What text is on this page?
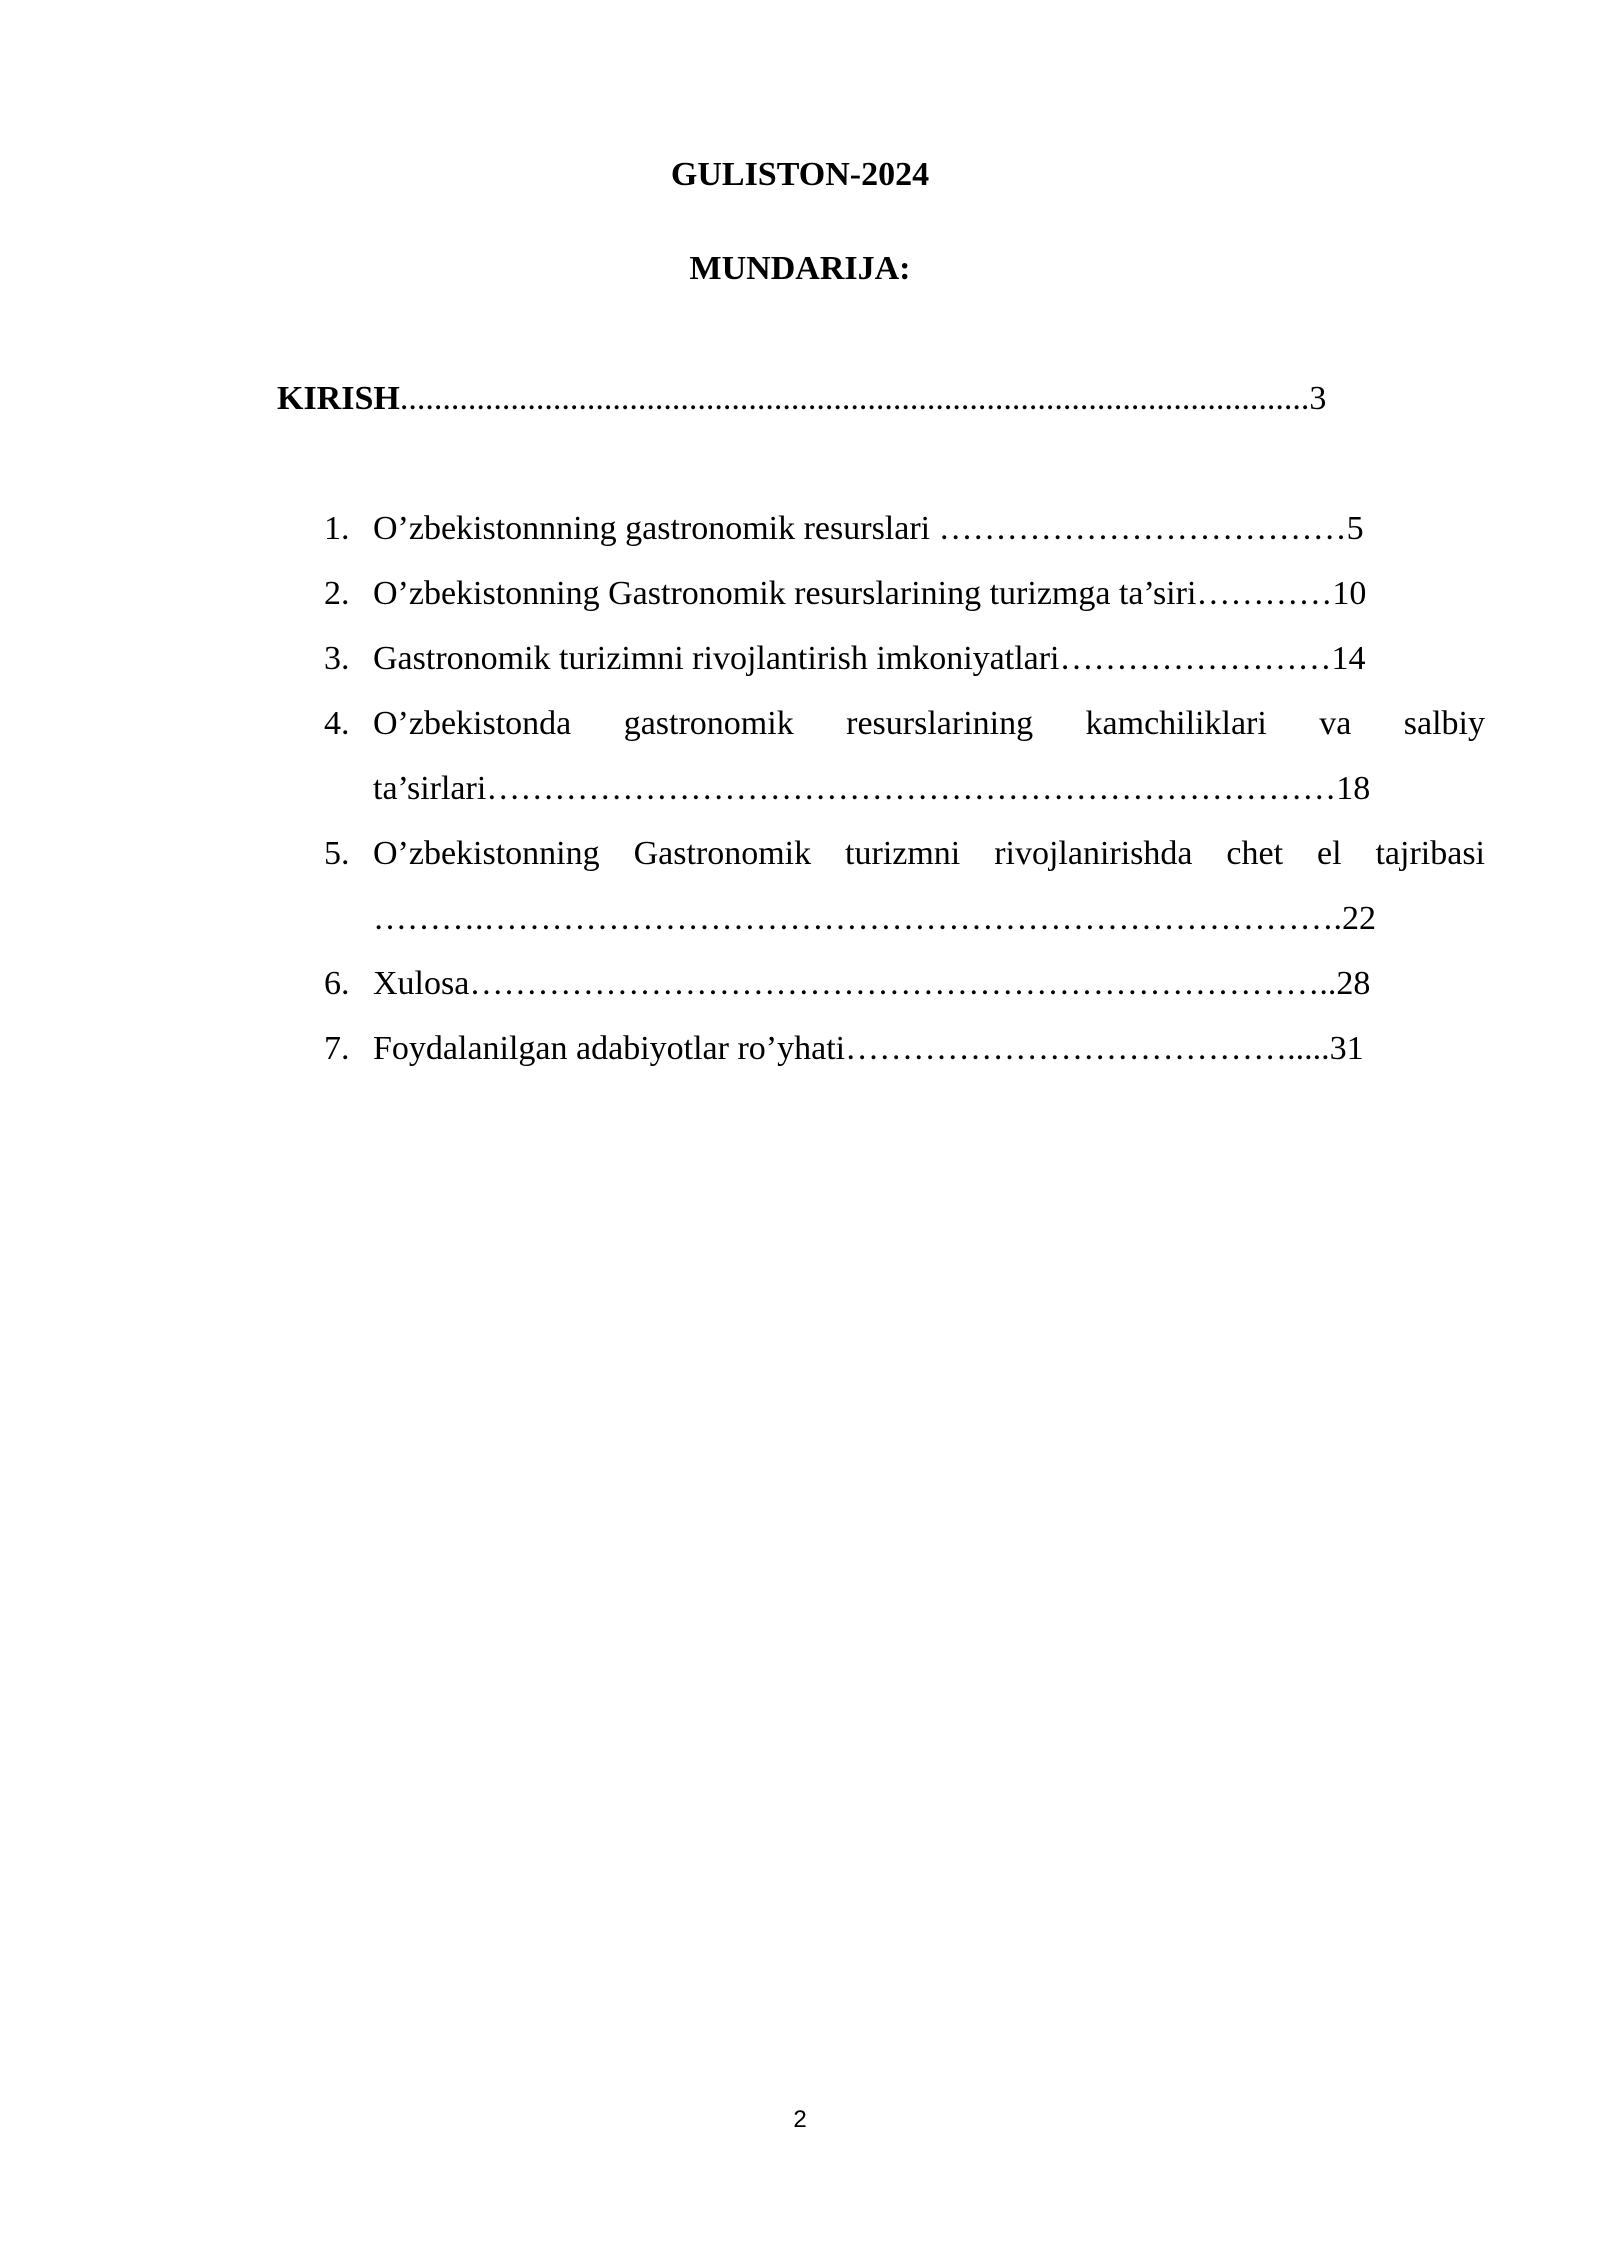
GULISTON-2024
MUNDARIJA:
KIRISH...........................................................................................................3
1. O’zbekistonnning gastronomik resurslari ………………………………5
2. O’zbekistonning Gastronomik resurslarining turizmga ta’siri…………10
3. Gastronomik turizimni rivojlantirish imkoniyatlari……………………14
4. O’zbekistonda gastronomik resurslarining kamchiliklari va salbiy
ta’sirlari…………………………………………………………………18
5. O’zbekistonning Gastronomik turizmni rivojlanirishda chet el tajribasi
……….………………………………………………………………….22
6. Xulosa…………………………………………………………………..28
7. Foydalanilgan adabiyotlar ro’yhati………………………………….....31
2
